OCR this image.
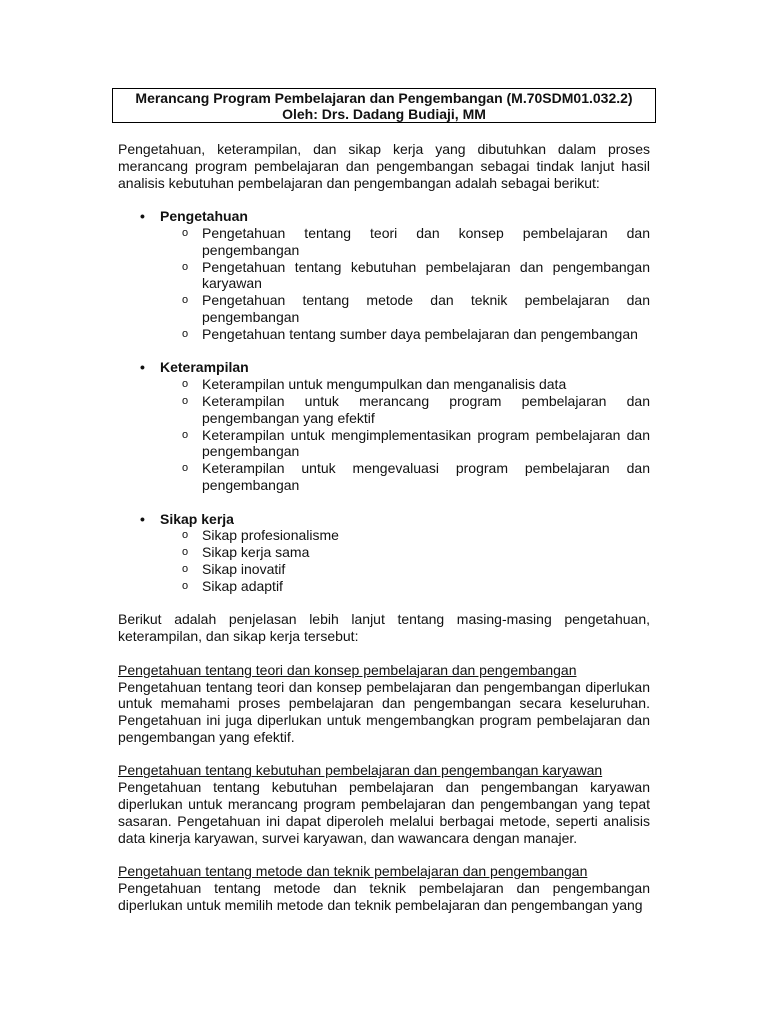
Merancang Program Pembelajaran dan Pengembangan (M.70SDM01.032.2)
Oleh: Drs. Dadang Budiaji, MM

Pengetahuan, keterampilan, dan sikap kerja yang dibutuhkan dalam proses merancang program pembelajaran dan pengembangan sebagai tindak lanjut hasil analisis kebutuhan pembelajaran dan pengembangan adalah sebagai berikut:

• Pengetahuan
o Pengetahuan tentang teori dan konsep pembelajaran dan pengembangan
o Pengetahuan tentang kebutuhan pembelajaran dan pengembangan karyawan
o Pengetahuan tentang metode dan teknik pembelajaran dan pengembangan
o Pengetahuan tentang sumber daya pembelajaran dan pengembangan
• Keterampilan
o Keterampilan untuk mengumpulkan dan menganalisis data
o Keterampilan untuk merancang program pembelajaran dan pengembangan yang efektif
o Keterampilan untuk mengimplementasikan program pembelajaran dan pengembangan
o Keterampilan untuk mengevaluasi program pembelajaran dan pengembangan
• Sikap kerja
o Sikap profesionalisme
o Sikap kerja sama
o Sikap inovatif
o Sikap adaptif

Berikut adalah penjelasan lebih lanjut tentang masing-masing pengetahuan, keterampilan, dan sikap kerja tersebut:

Pengetahuan tentang teori dan konsep pembelajaran dan pengembangan

Pengetahuan tentang teori dan konsep pembelajaran dan pengembangan diperlukan untuk memahami proses pembelajaran dan pengembangan secara keseluruhan. Pengetahuan ini juga diperlukan untuk mengembangkan program pembelajaran dan pengembangan yang efektif.

Pengetahuan tentang kebutuhan pembelajaran dan pengembangan karyawan

Pengetahuan tentang kebutuhan pembelajaran dan pengembangan karyawan diperlukan untuk merancang program pembelajaran dan pengembangan yang tepat sasaran. Pengetahuan ini dapat diperoleh melalui berbagai metode, seperti analisis data kinerja karyawan, survei karyawan, dan wawancara dengan manajer.

Pengetahuan tentang metode dan teknik pembelajaran dan pengembangan

Pengetahuan tentang metode dan teknik pembelajaran dan pengembangan diperlukan untuk memilih metode dan teknik pembelajaran dan pengembangan yang
